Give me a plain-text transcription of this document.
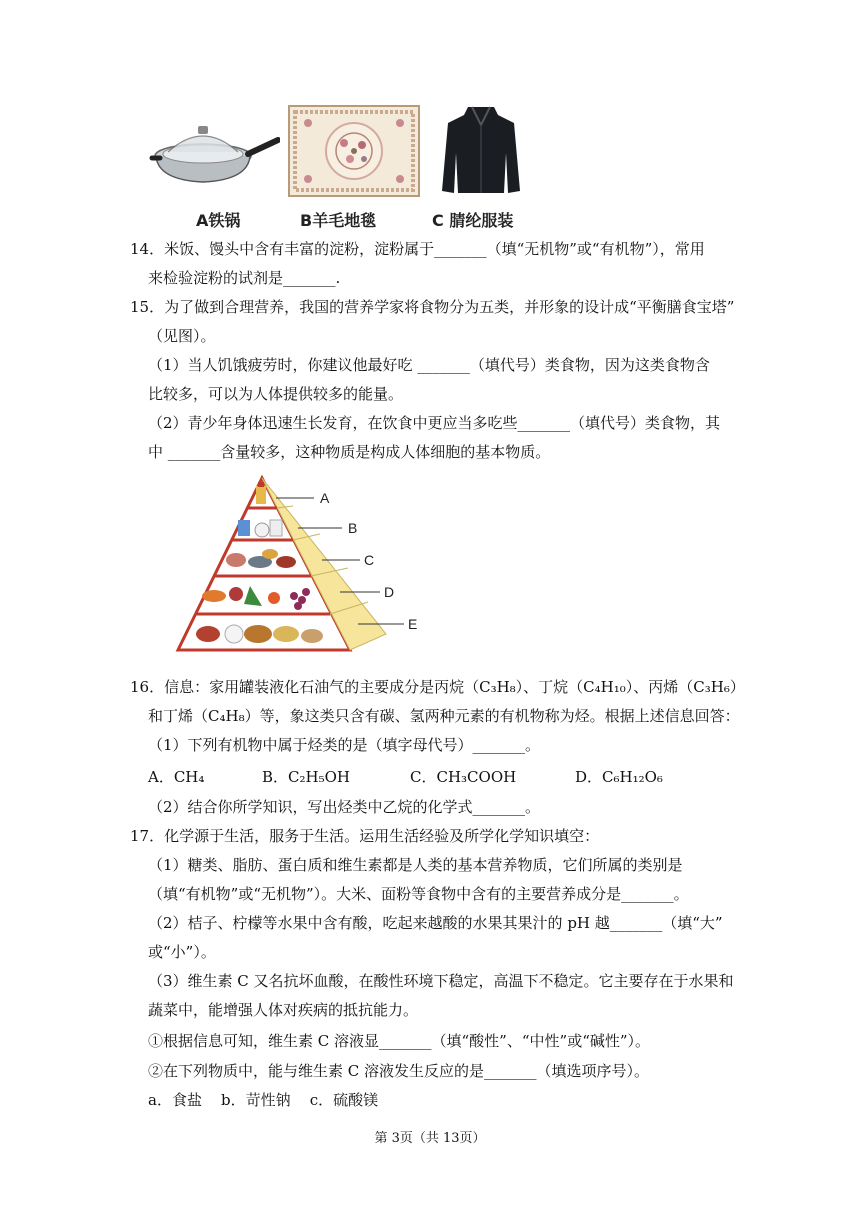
A铁锅	B羊毛地毯	C 腈纶服装
14．米饭、馒头中含有丰富的淀粉，淀粉属于_______（填“无机物”或“有机物”），常用
来检验淀粉的试剂是_______.
15．为了做到合理营养，我国的营养学家将食物分为五类，并形象的设计成“平衡膳食宝塔”
（见图）。
（1）当人饥饿疲劳时，你建议他最好吃 _______（填代号）类食物，因为这类食物含
比较多，可以为人体提供较多的能量。
（2）青少年身体迅速生长发育，在饮食中更应当多吃些_______（填代号）类食物，其
中 _______含量较多，这种物质是构成人体细胞的基本物质。
A
B
C
D
E
16．信息：家用罐装液化石油气的主要成分是丙烷（C₃H₈）、丁烷（C₄H₁₀）、丙烯（C₃H₆）
和丁烯（C₄H₈）等，象这类只含有碳、氢两种元素的有机物称为烃。根据上述信息回答：
（1）下列有机物中属于烃类的是（填字母代号）_______。
A．CH₄	B．C₂H₅OH	C．CH₃COOH	D．C₆H₁₂O₆
（2）结合你所学知识，写出烃类中乙烷的化学式_______。
17．化学源于生活，服务于生活。运用生活经验及所学化学知识填空：
（1）糖类、脂肪、蛋白质和维生素都是人类的基本营养物质，它们所属的类别是
（填“有机物”或“无机物”）。大米、面粉等食物中含有的主要营养成分是_______。
（2）桔子、柠檬等水果中含有酸，吃起来越酸的水果其果汁的 pH 越_______（填“大”
或“小”）。
（3）维生素 C 又名抗坏血酸，在酸性环境下稳定，高温下不稳定。它主要存在于水果和
蔬菜中，能增强人体对疾病的抵抗能力。
①根据信息可知，维生素 C 溶液显_______（填“酸性”、“中性”或“碱性”）。
②在下列物质中，能与维生素 C 溶液发生反应的是_______（填选项序号）。
a．食盐    b．苛性钠    c．硫酸镁
第 3页（共 13页）
